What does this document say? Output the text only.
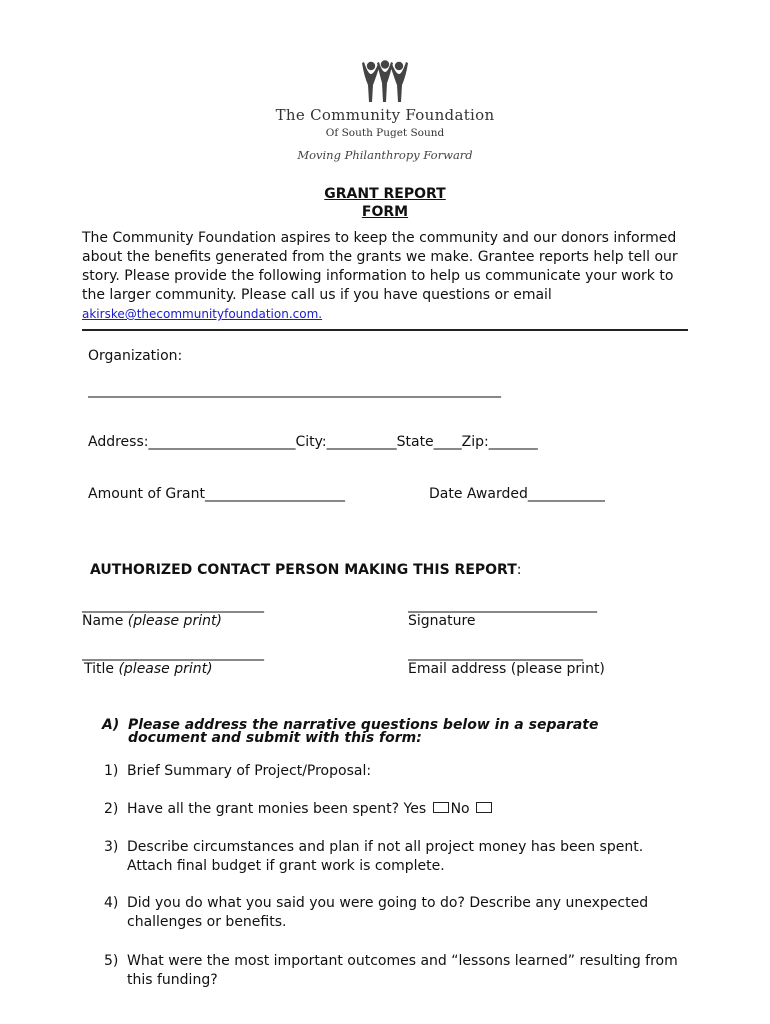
The Community Foundation
Of South Puget Sound
Moving Philanthropy Forward
GRANT REPORT
FORM
The Community Foundation aspires to keep the community and our donors informed about the benefits generated from the grants we make. Grantee reports help tell our story. Please provide the following information to help us communicate your work to the larger community. Please call us if you have questions or email akirske@thecommunityfoundation.com.
Organization:
___________________________________________________________
Address:_____________________City:__________State____Zip:_______
Amount of Grant____________________	Date Awarded___________
AUTHORIZED CONTACT PERSON MAKING THIS REPORT:
__________________________
Name (please print)
___________________________
Signature
__________________________
Title (please print)
_________________________
Email address (please print)
A) Please address the narrative questions below in a separate
document and submit with this form:
1) Brief Summary of Project/Proposal:
2) Have all the grant monies been spent? Yes No
3) Describe circumstances and plan if not all project money has been spent. Attach final budget if grant work is complete.
4) Did you do what you said you were going to do? Describe any unexpected challenges or benefits.
5) What were the most important outcomes and “lessons learned” resulting from this funding?
